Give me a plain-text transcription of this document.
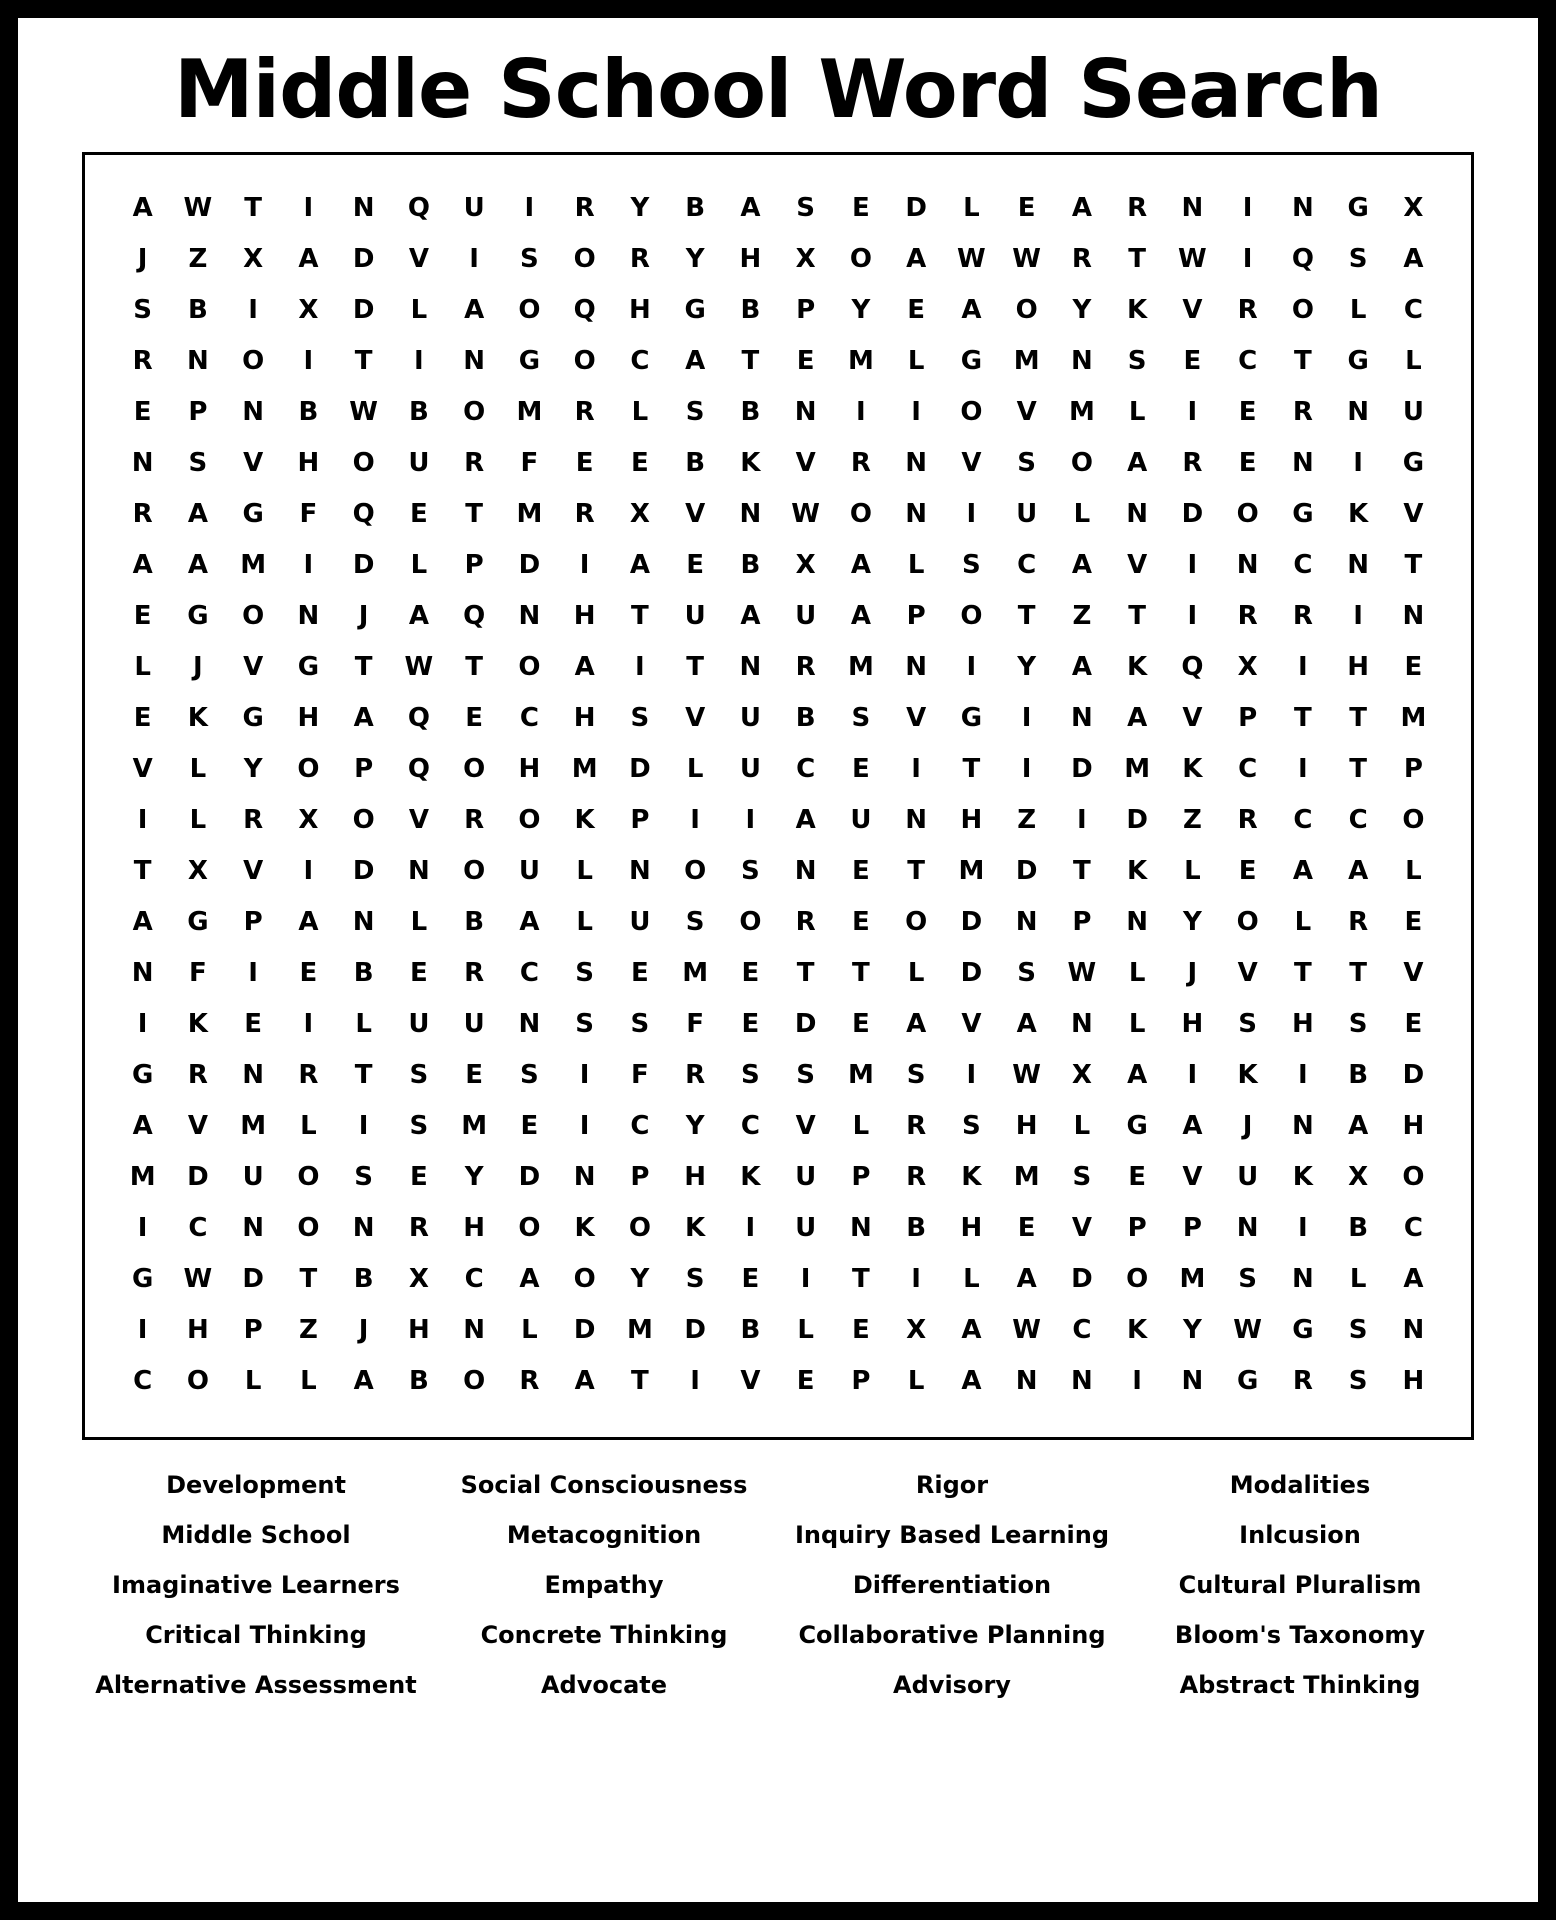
Middle School Word Search
A	W	T	I	N	Q	U	I	R	Y	B	A	S	E	D	L	E	A	R	N	I	N	G	X
J	Z	X	A	D	V	I	S	O	R	Y	H	X	O	A	W	W	R	T	W	I	Q	S	A
S	B	I	X	D	L	A	O	Q	H	G	B	P	Y	E	A	O	Y	K	V	R	O	L	C
R	N	O	I	T	I	N	G	O	C	A	T	E	M	L	G	M	N	S	E	C	T	G	L
E	P	N	B	W	B	O	M	R	L	S	B	N	I	I	O	V	M	L	I	E	R	N	U
N	S	V	H	O	U	R	F	E	E	B	K	V	R	N	V	S	O	A	R	E	N	I	G
R	A	G	F	Q	E	T	M	R	X	V	N	W	O	N	I	U	L	N	D	O	G	K	V
A	A	M	I	D	L	P	D	I	A	E	B	X	A	L	S	C	A	V	I	N	C	N	T
E	G	O	N	J	A	Q	N	H	T	U	A	U	A	P	O	T	Z	T	I	R	R	I	N
L	J	V	G	T	W	T	O	A	I	T	N	R	M	N	I	Y	A	K	Q	X	I	H	E
E	K	G	H	A	Q	E	C	H	S	V	U	B	S	V	G	I	N	A	V	P	T	T	M
V	L	Y	O	P	Q	O	H	M	D	L	U	C	E	I	T	I	D	M	K	C	I	T	P
I	L	R	X	O	V	R	O	K	P	I	I	A	U	N	H	Z	I	D	Z	R	C	C	O
T	X	V	I	D	N	O	U	L	N	O	S	N	E	T	M	D	T	K	L	E	A	A	L
A	G	P	A	N	L	B	A	L	U	S	O	R	E	O	D	N	P	N	Y	O	L	R	E
N	F	I	E	B	E	R	C	S	E	M	E	T	T	L	D	S	W	L	J	V	T	T	V
I	K	E	I	L	U	U	N	S	S	F	E	D	E	A	V	A	N	L	H	S	H	S	E
G	R	N	R	T	S	E	S	I	F	R	S	S	M	S	I	W	X	A	I	K	I	B	D
A	V	M	L	I	S	M	E	I	C	Y	C	V	L	R	S	H	L	G	A	J	N	A	H
M	D	U	O	S	E	Y	D	N	P	H	K	U	P	R	K	M	S	E	V	U	K	X	O
I	C	N	O	N	R	H	O	K	O	K	I	U	N	B	H	E	V	P	P	N	I	B	C
G	W	D	T	B	X	C	A	O	Y	S	E	I	T	I	L	A	D	O	M	S	N	L	A
I	H	P	Z	J	H	N	L	D	M	D	B	L	E	X	A	W	C	K	Y	W	G	S	N
C	O	L	L	A	B	O	R	A	T	I	V	E	P	L	A	N	N	I	N	G	R	S	H
Development
Middle School
Imaginative Learners
Critical Thinking
Alternative Assessment
Social Consciousness
Metacognition
Empathy
Concrete Thinking
Advocate
Rigor
Inquiry Based Learning
Differentiation
Collaborative Planning
Advisory
Modalities
Inlcusion
Cultural Pluralism
Bloom's Taxonomy
Abstract Thinking
